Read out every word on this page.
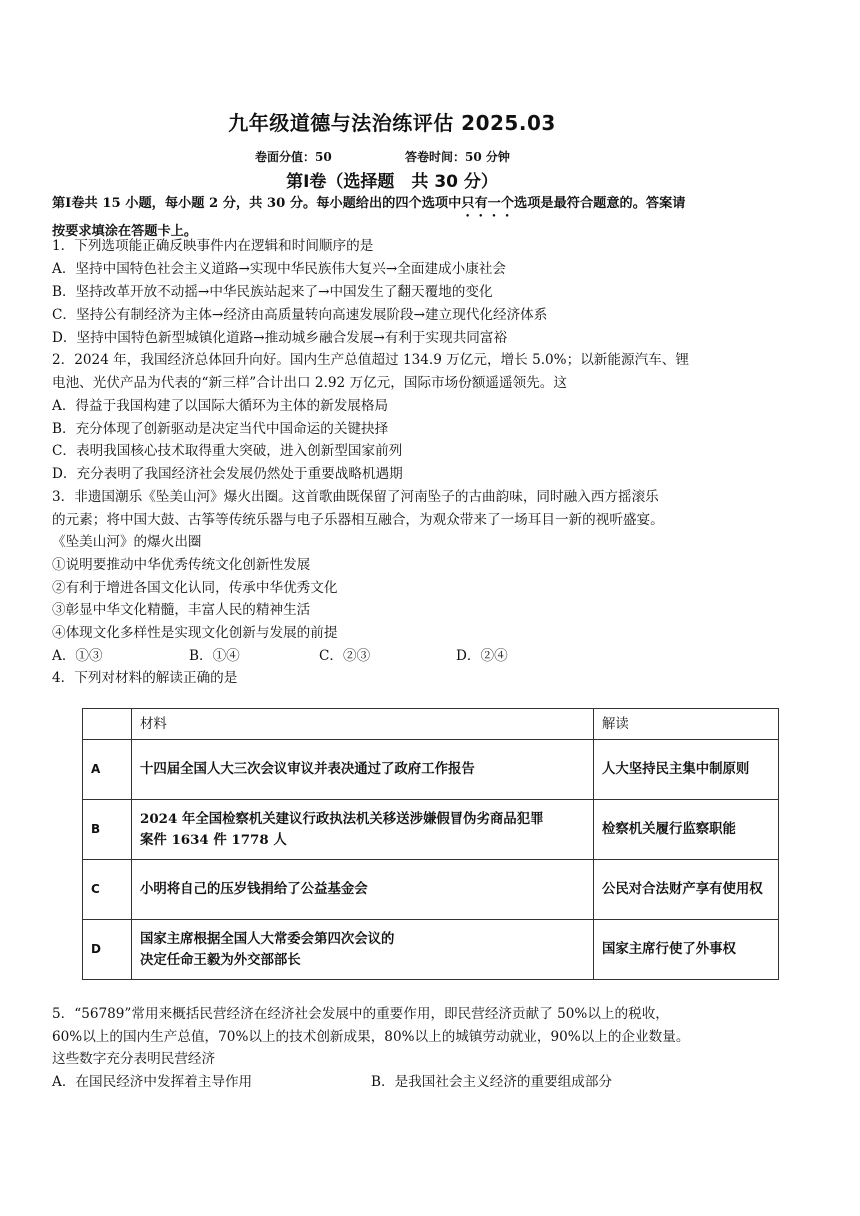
九年级道德与法治练评估 2025.03
卷面分值：50	答卷时间：50 分钟
第Ⅰ卷（选择题　共 30 分）
第Ⅰ卷共 15 小题，每小题 2 分，共 30 分。每小题给出的四个选项中只有一个选项是最符合题意的。答案请
按要求填涂在答题卡上。
1．下列选项能正确反映事件内在逻辑和时间顺序的是
A．坚持中国特色社会主义道路→实现中华民族伟大复兴→全面建成小康社会
B．坚持改革开放不动摇→中华民族站起来了→中国发生了翻天覆地的变化
C．坚持公有制经济为主体→经济由高质量转向高速发展阶段→建立现代化经济体系
D．坚持中国特色新型城镇化道路→推动城乡融合发展→有利于实现共同富裕
2．2024 年，我国经济总体回升向好。国内生产总值超过 134.9 万亿元，增长 5.0%；以新能源汽车、锂
电池、光伏产品为代表的“新三样”合计出口 2.92 万亿元，国际市场份额遥遥领先。这
A．得益于我国构建了以国际大循环为主体的新发展格局
B．充分体现了创新驱动是决定当代中国命运的关键抉择
C．表明我国核心技术取得重大突破，进入创新型国家前列
D．充分表明了我国经济社会发展仍然处于重要战略机遇期
3．非遗国潮乐《坠美山河》爆火出圈。这首歌曲既保留了河南坠子的古曲韵味，同时融入西方摇滚乐
的元素；将中国大鼓、古筝等传统乐器与电子乐器相互融合，为观众带来了一场耳目一新的视听盛宴。
《坠美山河》的爆火出圈
①说明要推动中华优秀传统文化创新性发展
②有利于增进各国文化认同，传承中华优秀文化
③彰显中华文化精髓，丰富人民的精神生活
④体现文化多样性是实现文化创新与发展的前提
A．①③	B．①④	C．②③	D．②④
4．下列对材料的解读正确的是
	材料	解读
A	十四届全国人大三次会议审议并表决通过了政府工作报告	人大坚持民主集中制原则
B	2024 年全国检察机关建议行政执法机关移送涉嫌假冒伪劣商品犯罪
案件 1634 件 1778 人	检察机关履行监察职能
C	小明将自己的压岁钱捐给了公益基金会	公民对合法财产享有使用权
D	国家主席根据全国人大常委会第四次会议的
决定任命王毅为外交部部长	国家主席行使了外事权
5．“56789”常用来概括民营经济在经济社会发展中的重要作用，即民营经济贡献了 50%以上的税收，
60%以上的国内生产总值，70%以上的技术创新成果，80%以上的城镇劳动就业，90%以上的企业数量。
这些数字充分表明民营经济
A．在国民经济中发挥着主导作用	B．是我国社会主义经济的重要组成部分
